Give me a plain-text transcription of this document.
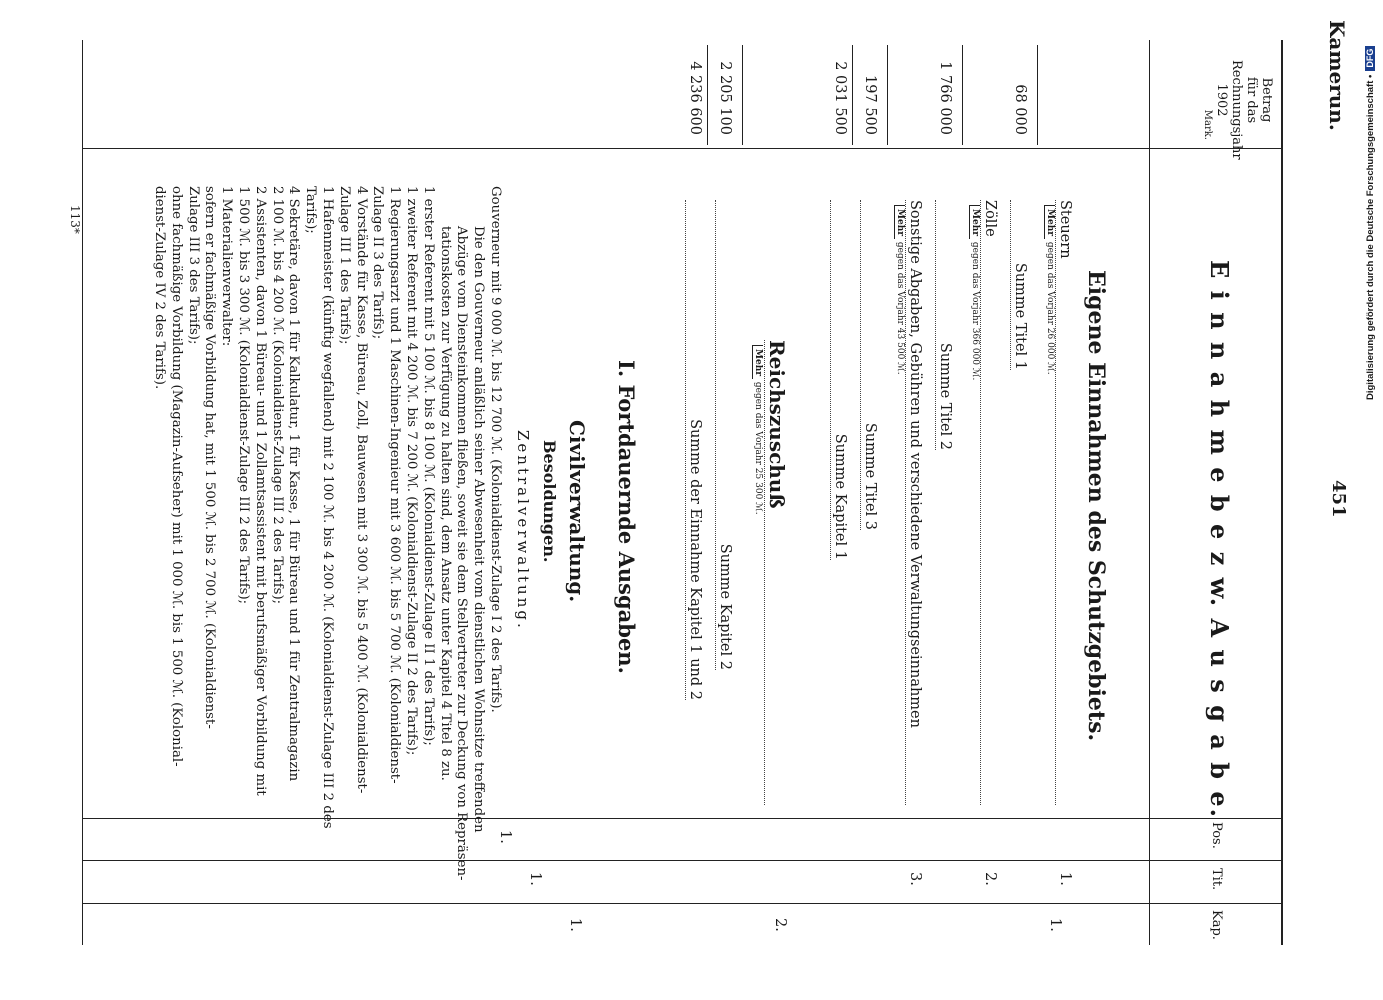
Kamerun.
451
Betrag
für das
Rechnungsjahr
1902
Mark.
E i n n a h m e b e z w. A u s g a b e.
Pos.
Tit.
Kap.
Eigene Einnahmen des Schutzgebiets.
1.
1.
Steuern
Mehr gegen das Vorjahr 26 000 ℳ.
Summe Titel 1
68 000
2.
Zölle
Mehr gegen das Vorjahr 366 000 ℳ.
Summe Titel 2
1 766 000
3.
Sonstige Abgaben, Gebühren und verschiedene Verwaltungseinnahmen
Mehr gegen das Vorjahr 43 500 ℳ.
Summe Titel 3
197 500
Summe Kapitel 1
2 031 500
2.
Reichszuschuß
Mehr gegen das Vorjahr 25 300 ℳ.
Summe Kapitel 2
2 205 100
Summe der Einnahme Kapitel 1 und 2
4 236 600
I. Fortdauernde Ausgaben.
1.
1.
1.
Civilverwaltung.
Besoldungen.
Zentralverwaltung.
Gouverneur mit 9 000 ℳ. bis 12 700 ℳ. (Kolonialdienst-Zulage I 2 des Tarifs).
Die den Gouverneur anläßlich seiner Abwesenheit vom dienstlichen Wohnsitze treffenden
Abzüge vom Diensteinkommen fließen, soweit sie dem Stellvertreter zur Deckung von Repräsen-
tationskosten zur Verfügung zu halten sind, dem Ansatz unter Kapitel 4 Titel 8 zu.
1 erster Referent mit 5 100 ℳ. bis 8 100 ℳ. (Kolonialdienst-Zulage II 1 des Tarifs);
1 zweiter Referent mit 4 200 ℳ. bis 7 200 ℳ. (Kolonialdienst-Zulage II 2 des Tarifs);
1 Regierungsarzt und 1 Maschinen-Ingenieur mit 3 600 ℳ. bis 5 700 ℳ. (Kolonialdienst-
Zulage II 3 des Tarifs);
4 Vorstände für Kasse, Büreau, Zoll, Bauwesen mit 3 300 ℳ. bis 5 400 ℳ. (Kolonialdienst-
Zulage III 1 des Tarifs);
1 Hafenmeister (künftig wegfallend) mit 2 100 ℳ. bis 4 200 ℳ. (Kolonialdienst-Zulage III 2 des
Tarifs);
4 Sekretäre, davon 1 für Kalkulatur, 1 für Kasse, 1 für Büreau und 1 für Zentralmagazin
2 100 ℳ. bis 4 200 ℳ. (Kolonialdienst-Zulage III 2 des Tarifs);
2 Assistenten, davon 1 Büreau- und 1 Zollamtsassistent mit berufsmäßiger Vorbildung mit
1 500 ℳ. bis 3 300 ℳ. (Kolonialdienst-Zulage III 2 des Tarifs);
1 Materialienverwalter:
sofern er fachmäßige Vorbildung hat, mit 1 500 ℳ. bis 2 700 ℳ. (Kolonialdienst-
Zulage III 3 des Tarifs);
ohne fachmäßige Vorbildung (Magazin-Aufseher) mit 1 000 ℳ. bis 1 500 ℳ. (Kolonial-
dienst-Zulage IV 2 des Tarifs).
113*	Digitalisierung gefördert durch die Deutsche Forschungsgemeinschaft •
DFG
